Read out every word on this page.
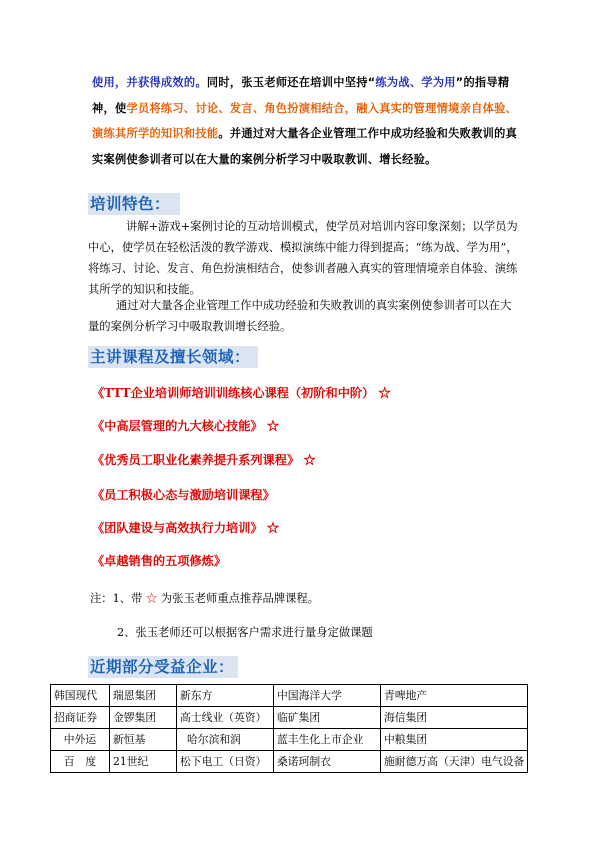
使用，并获得成效的。同时，张玉老师还在培训中坚持“练为战、学为用”的指导精神，使学员将练习、讨论、发言、角色扮演相结合，融入真实的管理情境亲自体验、演练其所学的知识和技能。并通过对大量各企业管理工作中成功经验和失败教训的真实案例使参训者可以在大量的案例分析学习中吸取教训、增长经验。
培训特色：
讲解+游戏+案例讨论的互动培训模式，使学员对培训内容印象深刻；以学员为中心，使学员在轻松活泼的教学游戏、模拟演练中能力得到提高；“练为战、学为用”，将练习、讨论、发言、角色扮演相结合，使参训者融入真实的管理情境亲自体验、演练其所学的知识和技能。
通过对大量各企业管理工作中成功经验和失败教训的真实案例使参训者可以在大量的案例分析学习中吸取教训增长经验。
主讲课程及擅长领域：
《TTT企业培训师培训训练核心课程（初阶和中阶） ☆
《中高层管理的九大核心技能》 ☆
《优秀员工职业化素养提升系列课程》 ☆
《员工积极心态与激励培训课程》
《团队建设与高效执行力培训》 ☆
《卓越销售的五项修炼》
注：1、带 ☆ 为张玉老师重点推荐品牌课程。
2、张玉老师还可以根据客户需求进行量身定做课题
近期部分受益企业：
韩国现代	瑞恩集团	新东方	中国海洋大学	青啤地产
招商证券	金锣集团	高士线业（英资）	临矿集团	海信集团
中外运	新恒基	哈尔滨和润	蓝丰生化上市企业	中粮集团
百　度	21世纪	松下电工（日资）	桑诺珂制衣	施耐德万高（天津）电气设备
